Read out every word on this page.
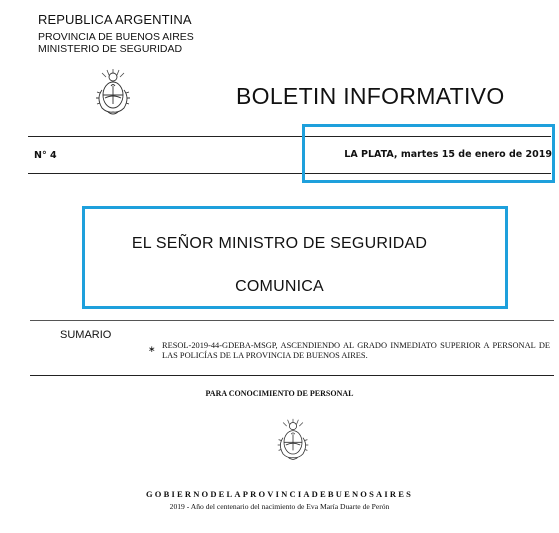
REPUBLICA ARGENTINA
PROVINCIA DE BUENOS AIRES
MINISTERIO DE SEGURIDAD
BOLETIN INFORMATIVO
N° 4	LA PLATA, martes 15 de enero de 2019
EL SEÑOR MINISTRO DE SEGURIDAD
COMUNICA
SUMARIO
∗ RESOL-2019-44-GDEBA-MSGP, ASCENDIENDO AL GRADO INMEDIATO SUPERIOR A PERSONAL DE LAS POLICÍAS DE LA PROVINCIA DE BUENOS AIRES.
PARA CONOCIMIENTO DE PERSONAL
GOBIERNODELAPROVINCIADEBUENOSAIRES
2019 - Año del centenario del nacimiento de Eva María Duarte de Perón
